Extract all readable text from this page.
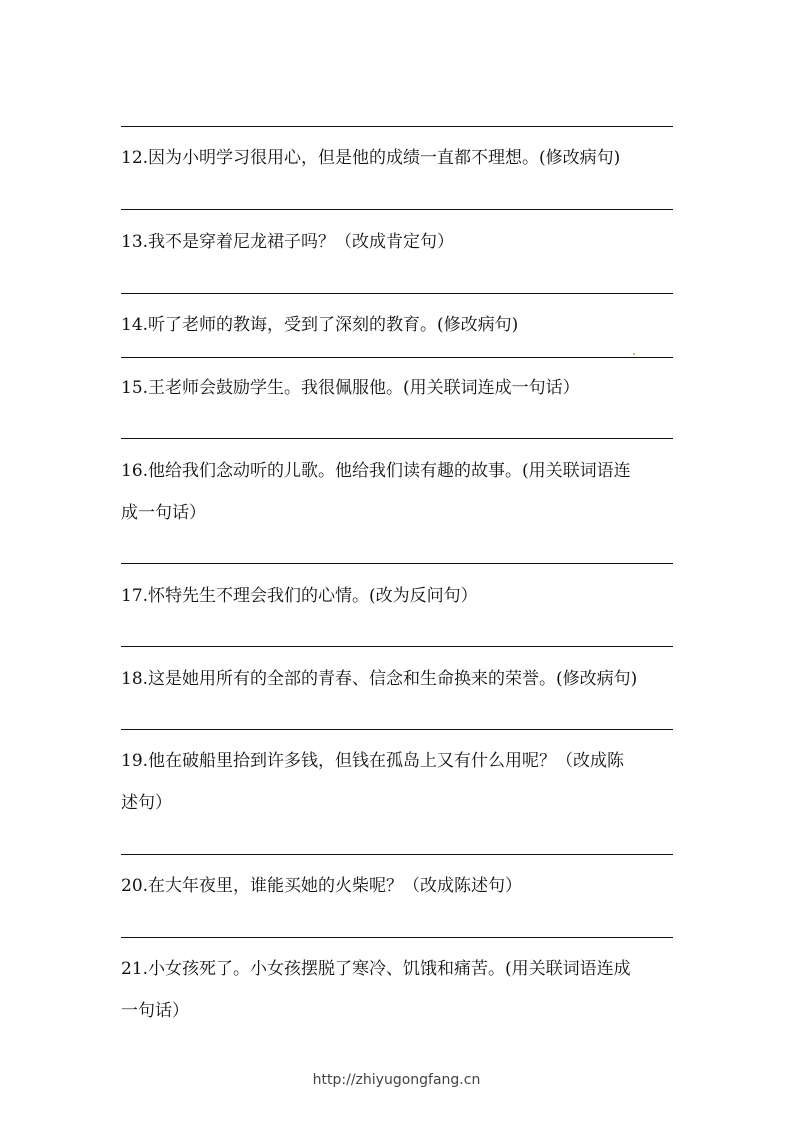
12.因为小明学习很用心，但是他的成绩一直都不理想。(修改病句)
13.我不是穿着尼龙裙子吗？（改成肯定句）
14.听了老师的教诲，受到了深刻的教育。(修改病句)
15.王老师会鼓励学生。我很佩服他。(用关联词连成一句话）
16.他给我们念动听的儿歌。他给我们读有趣的故事。(用关联词语连
成一句话）
17.怀特先生不理会我们的心情。(改为反问句）
18.这是她用所有的全部的青春、信念和生命换来的荣誉。(修改病句)
19.他在破船里拾到许多钱，但钱在孤岛上又有什么用呢？（改成陈
述句）
20.在大年夜里，谁能买她的火柴呢？（改成陈述句）
21.小女孩死了。小女孩摆脱了寒冷、饥饿和痛苦。(用关联词语连成
一句话）
http://zhiyugongfang.cn
